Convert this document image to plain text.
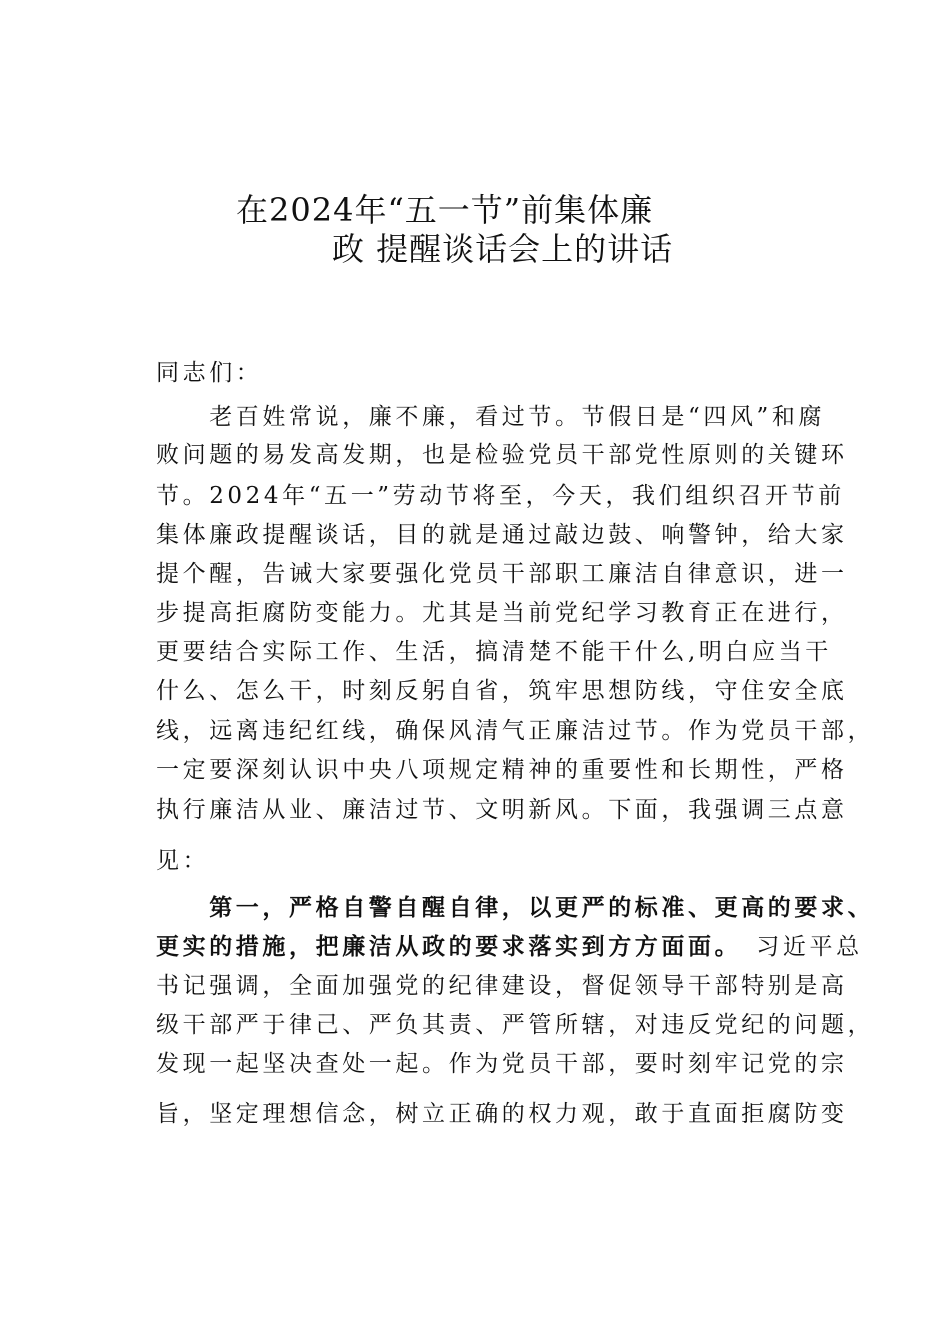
在2024年“五一节”前集体廉
政 提醒谈话会上的讲话
同志们：
　　老百姓常说，廉不廉，看过节。节假日是“四风”和腐
败问题的易发高发期，也是检验党员干部党性原则的关键环
节。2024年“五一”劳动节将至，今天，我们组织召开节前
集体廉政提醒谈话，目的就是通过敲边鼓、响警钟，给大家
提个醒，告诫大家要强化党员干部职工廉洁自律意识，进一
步提高拒腐防变能力。尤其是当前党纪学习教育正在进行，
更要结合实际工作、生活，搞清楚不能干什么,明白应当干
什么、怎么干，时刻反躬自省，筑牢思想防线，守住安全底
线，远离违纪红线，确保风清气正廉洁过节。作为党员干部，
一定要深刻认识中央八项规定精神的重要性和长期性，严格
执行廉洁从业、廉洁过节、文明新风。下面，我强调三点意
见：
　　第一，严格自警自醒自律，以更严的标准、更高的要求、
更实的措施，把廉洁从政的要求落实到方方面面。　习近平总
书记强调，全面加强党的纪律建设，督促领导干部特别是高
级干部严于律己、严负其责、严管所辖，对违反党纪的问题，
发现一起坚决查处一起。作为党员干部，要时刻牢记党的宗
旨，坚定理想信念，树立正确的权力观，敢于直面拒腐防变
